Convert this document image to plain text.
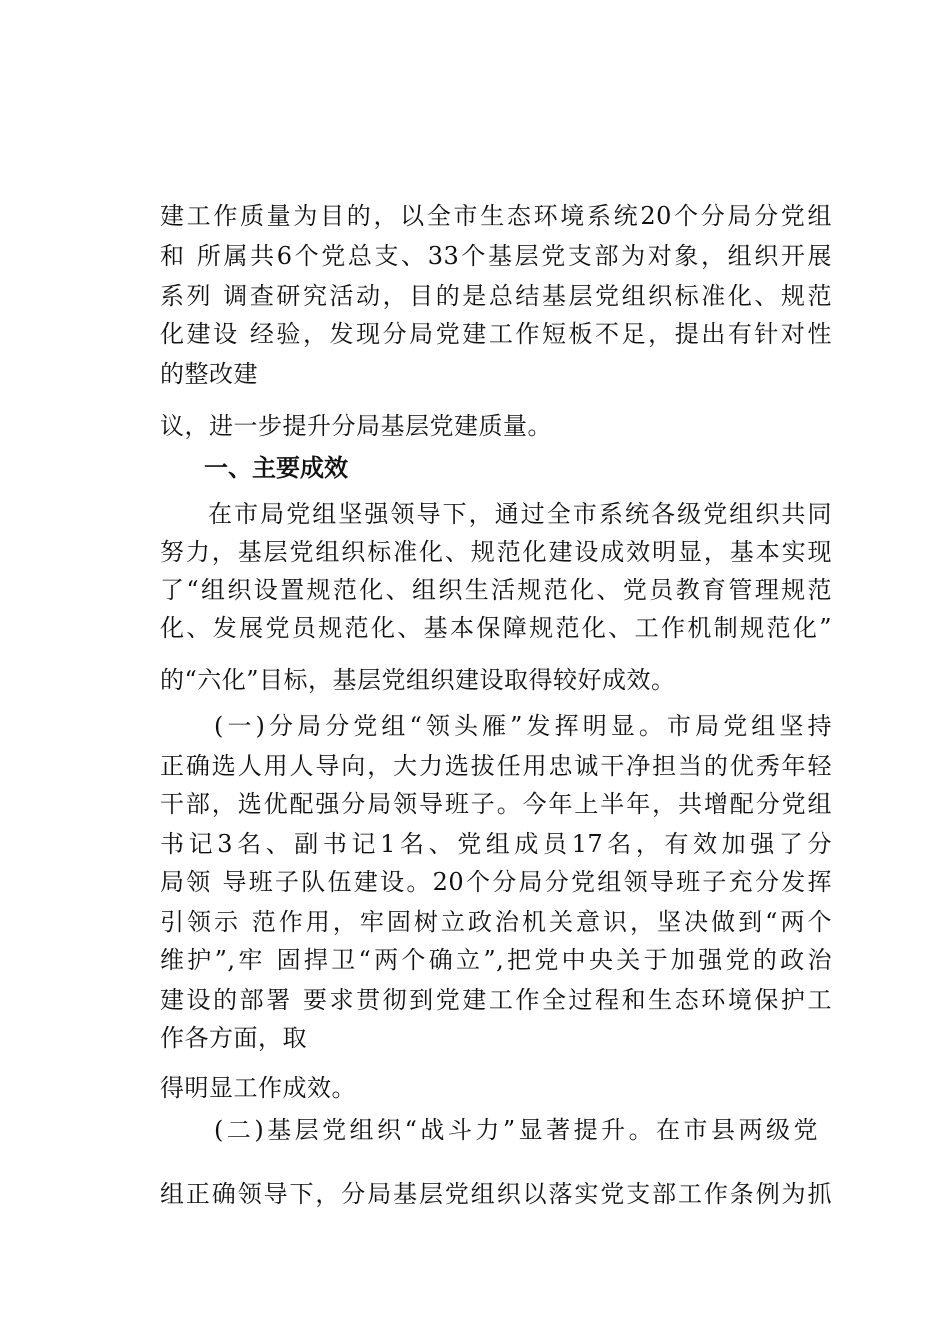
建工作质量为目的，以全市生态环境系统20个分局分党组
和 所属共6个党总支、33个基层党支部为对象，组织开展
系列 调查研究活动，目的是总结基层党组织标准化、规范
化建设 经验，发现分局党建工作短板不足，提出有针对性
的整改建
议，进一步提升分局基层党建质量。
一、主要成效
在市局党组坚强领导下，通过全市系统各级党组织共同
努力，基层党组织标准化、规范化建设成效明显，基本实现
了“组织设置规范化、组织生活规范化、党员教育管理规范
化、发展党员规范化、基本保障规范化、工作机制规范化”
的“六化”目标，基层党组织建设取得较好成效。
(一)分局分党组“领头雁”发挥明显。市局党组坚持
正确选人用人导向，大力选拔任用忠诚干净担当的优秀年轻
干部，选优配强分局领导班子。今年上半年，共增配分党组
书记3名、副书记1名、党组成员17名，有效加强了分
局领 导班子队伍建设。20个分局分党组领导班子充分发挥
引领示 范作用，牢固树立政治机关意识，坚决做到“两个
维护”,牢 固捍卫“两个确立”,把党中央关于加强党的政治
建设的部署 要求贯彻到党建工作全过程和生态环境保护工
作各方面，取
得明显工作成效。
(二)基层党组织“战斗力”显著提升。在市县两级党
组正确领导下，分局基层党组织以落实党支部工作条例为抓
